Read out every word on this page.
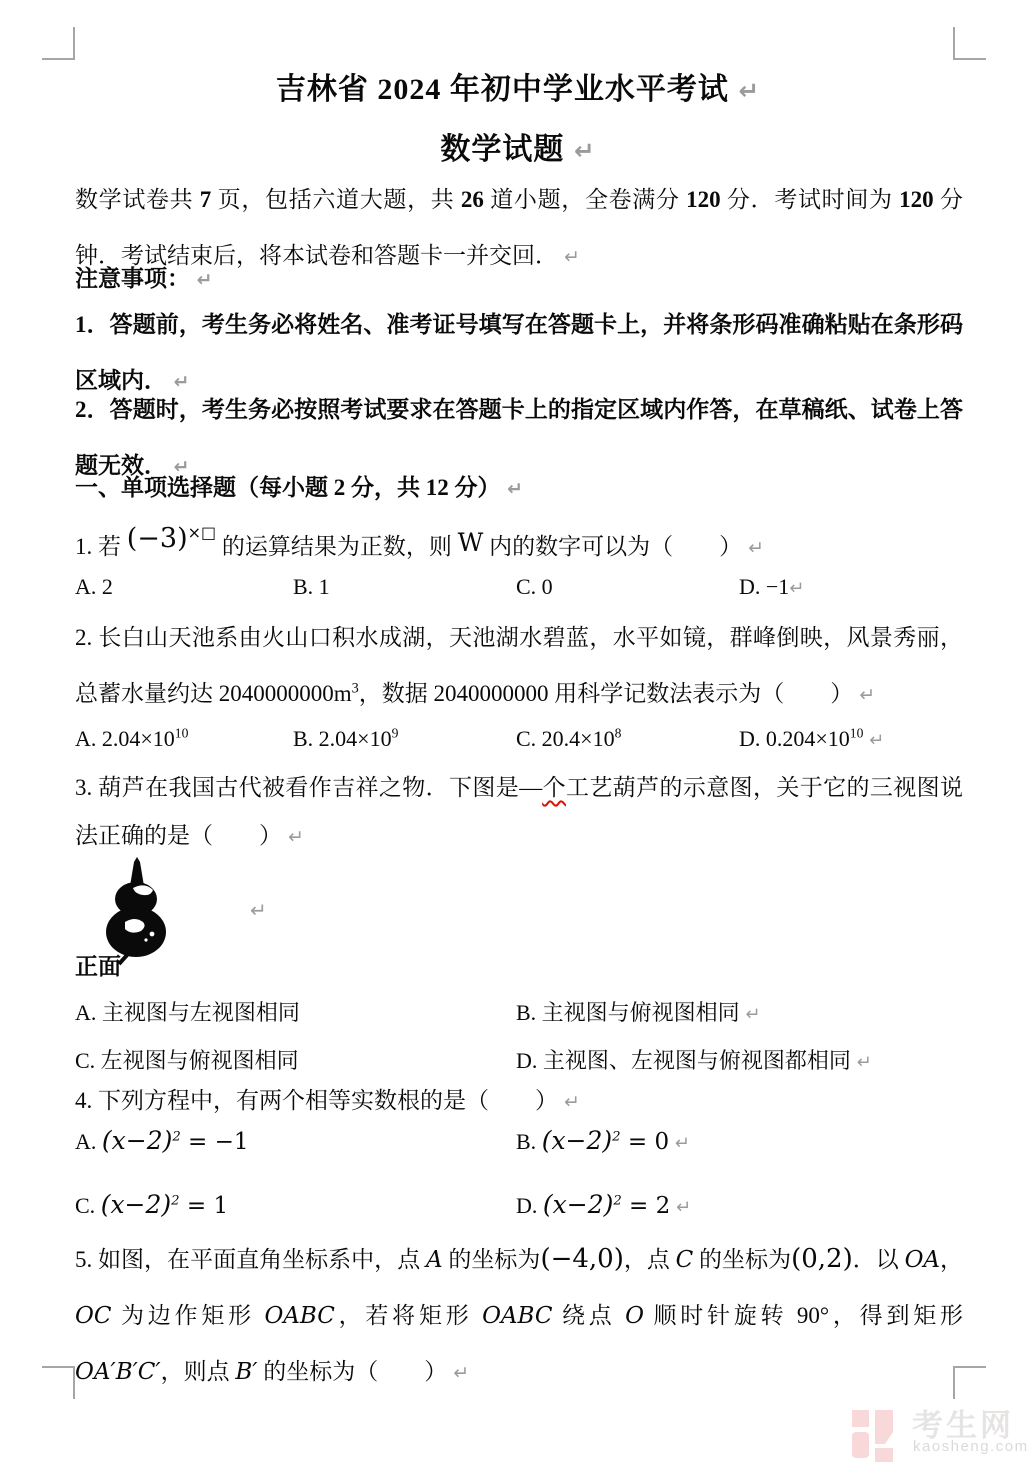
吉林省 2024 年初中学业水平考试 ↵
数学试题 ↵
数学试卷共 7 页，包括六道大题，共 26 道小题，全卷满分 120 分．考试时间为 120 分钟．考试结束后，将本试卷和答题卡一并交回． ↵
注意事项： ↵
1．答题前，考生务必将姓名、准考证号填写在答题卡上，并将条形码准确粘贴在条形码区域内． ↵
2．答题时，考生务必按照考试要求在答题卡上的指定区域内作答，在草稿纸、试卷上答题无效． ↵
一、单项选择题（每小题 2 分，共 12 分） ↵
1. 若 (−3)×□ 的运算结果为正数，则 W 内的数字可以为（　　） ↵
A. 2	B. 1	C. 0	D. −1↵
2. 长白山天池系由火山口积水成湖，天池湖水碧蓝，水平如镜，群峰倒映，风景秀丽，总蓄水量约达 $2040000000m^3$，数据 2040000000 用科学记数法表示为（　　） ↵
A. $2.04\times 10^{10}$	B. $2.04\times 10^9$	C. $20.4\times 10^8$	D. $0.204\times 10^{10}$ ↵
3. 葫芦在我国古代被看作吉祥之物．下图是—个工艺葫芦的示意图，关于它的三视图说法正确的是（　　） ↵
正面
↵
A. 主视图与左视图相同	B. 主视图与俯视图相同 ↵
C. 左视图与俯视图相同	D. 主视图、左视图与俯视图都相同 ↵
4. 下列方程中，有两个相等实数根的是（　　） ↵
A. $(x-2)^2 = -1$	B. $(x-2)^2 = 0$ ↵
C. $(x-2)^2 = 1$	D. $(x-2)^2 = 2$ ↵
5. 如图，在平面直角坐标系中，点 A 的坐标为(−4,0)，点 C 的坐标为(0,2)．以 OA，OC 为边作矩形 OABC，若将矩形 OABC 绕点 O 顺时针旋转 90°，得到矩形 OA′B′C′，则点 B′ 的坐标为（　　） ↵
考生网
kaosheng.com
